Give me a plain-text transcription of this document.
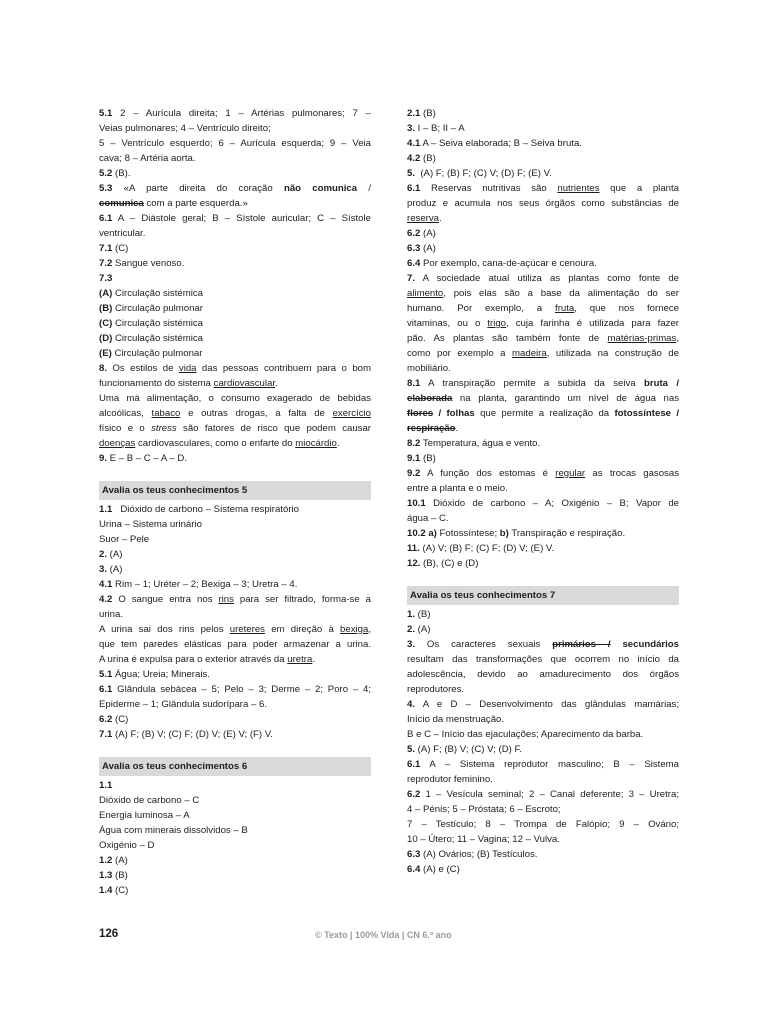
5.1 2 – Aurícula direita; 1 – Artérias pulmonares; 7 –

Veias pulmonares; 4 – Ventrículo direito;

5 – Ventrículo esquerdo; 6 – Aurícula esquerda; 9 – Veia

cava; 8 – Artéria aorta.

5.2 (B).

5.3 «A parte direita do coração não comunica /

comunica com a parte esquerda.»

6.1 A – Diástole geral; B – Sístole auricular; C – Sístole

ventricular.

7.1 (C)

7.2 Sangue venoso.

7.3

(A) Circulação sistémica

(B) Circulação pulmonar

(C) Circulação sistémica

(D) Circulação sistémica

(E) Circulação pulmonar

8. Os estilos de vida das pessoas contribuem para o bom

funcionamento do sistema cardiovascular.

Uma má alimentação, o consumo exagerado de bebidas

alcoólicas, tabaco e outras drogas, a falta de exercício

físico e o stress são fatores de risco que podem causar

doenças cardiovasculares, como o enfarte do miocárdio.

9. E – B – C – A – D.

Avalia os teus conhecimentos 5

1.1   Dióxido de carbono – Sistema respiratório

Urina – Sistema urinário

Suor – Pele

2. (A)

3. (A)

4.1 Rim – 1; Uréter – 2; Bexiga – 3; Uretra – 4.

4.2 O sangue entra nos rins para ser filtrado, forma-se a

urina.

A urina sai dos rins pelos ureteres em direção à bexiga,

que tem paredes elásticas para poder armazenar a urina.

A urina é expulsa para o exterior através da uretra.

5.1 Água; Ureia; Minerais.

6.1 Glândula sebácea – 5; Pelo – 3; Derme – 2; Poro – 4;

Epiderme – 1; Glândula sudorípara – 6.

6.2 (C)

7.1 (A) F; (B) V; (C) F; (D) V; (E) V; (F) V.

Avalia os teus conhecimentos 6

1.1

Dióxido de carbono – C

Energia luminosa – A

Água com minerais dissolvidos – B

Oxigénio – D

1.2 (A)

1.3 (B)

1.4 (C)

2.1 (B)

3. I – B; II – A

4.1 A – Seiva elaborada; B – Seiva bruta.

4.2 (B)

5.  (A) F; (B) F; (C) V; (D) F; (E) V.

6.1 Reservas nutritivas são nutrientes que a planta

produz e acumula nos seus órgãos como substâncias de

reserva.

6.2 (A)

6.3 (A)

6.4 Por exemplo, cana-de-açúcar e cenoura.

7. A sociedade atual utiliza as plantas como fonte de

alimento, pois elas são a base da alimentação do ser

humano. Por exemplo, a fruta, que nos fornece

vitaminas, ou o trigo, cuja farinha é utilizada para fazer

pão. As plantas são também fonte de matérias-primas,

como por exemplo a madeira, utilizada na construção de

mobiliário.

8.1 A transpiração permite a subida da seiva bruta /

elaborada na planta, garantindo um nível de água nas

flores / folhas que permite a realização da fotossíntese /

respiração.

8.2 Temperatura, água e vento.

9.1 (B)

9.2 A função dos estomas é regular as trocas gasosas

entre a planta e o meio.

10.1 Dióxido de carbono – A; Oxigénio – B; Vapor de

água – C.

10.2 a) Fotossíntese; b) Transpiração e respiração.

11. (A) V; (B) F; (C) F; (D) V; (E) V.

12. (B), (C) e (D)

Avalia os teus conhecimentos 7

1. (B)

2. (A)

3. Os caracteres sexuais primários / secundários

resultam das transformações que ocorrem no início da

adolescência, devido ao amadurecimento dos órgãos

reprodutores.

4. A e D – Desenvolvimento das glândulas mamárias;

Início da menstruação.

B e C – Início das ejaculações; Aparecimento da barba.

5. (A) F; (B) V; (C) V; (D) F.

6.1 A – Sistema reprodutor masculino; B – Sistema

reprodutor feminino.

6.2 1 – Vesícula seminal; 2 – Canal deferente; 3 – Uretra;

4 – Pénis; 5 – Próstata; 6 – Escroto;

7 – Testículo; 8 – Trompa de Falópio; 9 – Ovário;

10 – Útero; 11 – Vagina; 12 – Vulva.

6.3 (A) Ovários; (B) Testículos.

6.4 (A) e (C)

126	© Texto | 100% Vida | CN 6.º ano
